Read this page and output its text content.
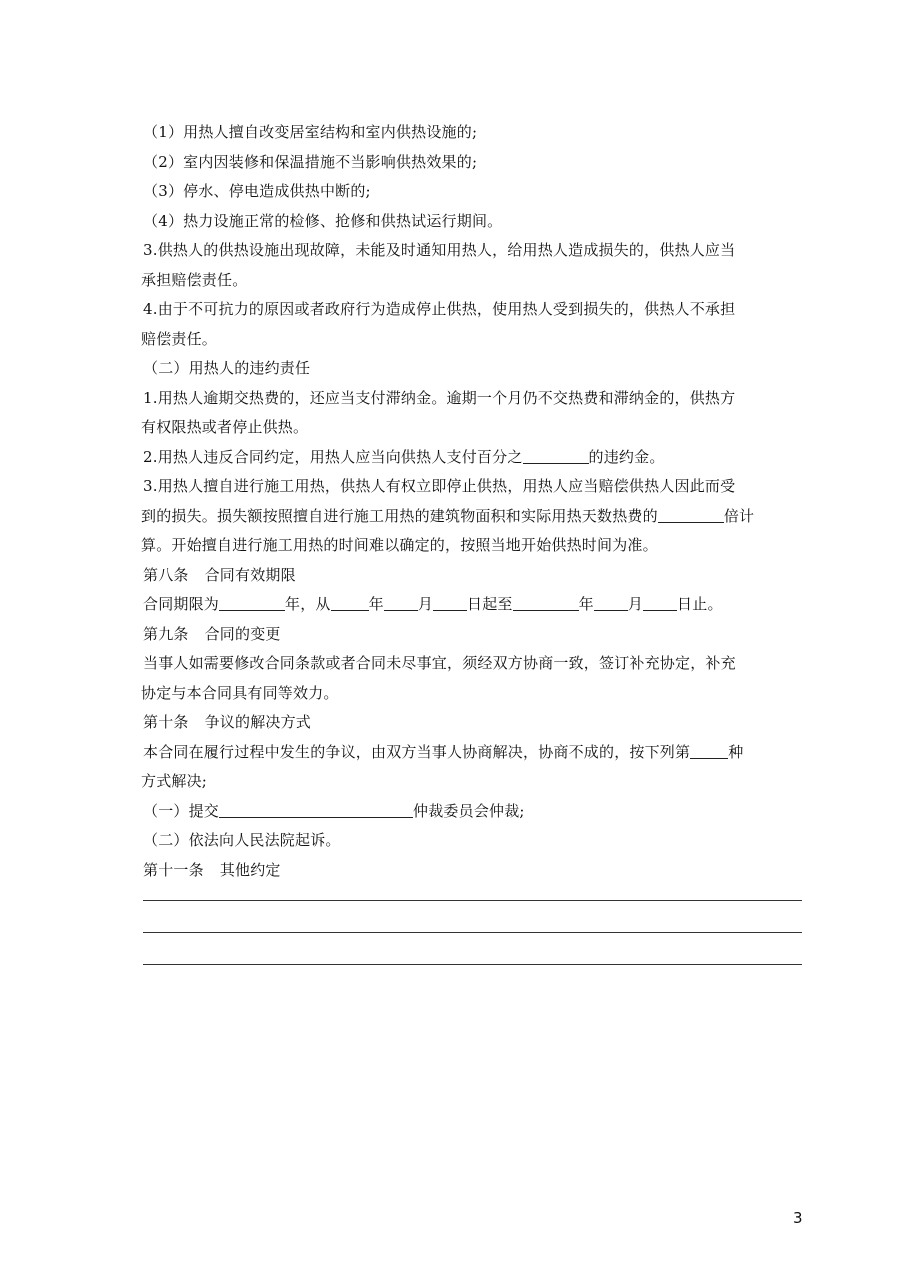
（1）用热人擅自改变居室结构和室内供热设施的;
（2）室内因装修和保温措施不当影响供热效果的;
（3）停水、停电造成供热中断的;
（4）热力设施正常的检修、抢修和供热试运行期间。
3.供热人的供热设施出现故障，未能及时通知用热人，给用热人造成损失的，供热人应当
承担赔偿责任。
4.由于不可抗力的原因或者政府行为造成停止供热，使用热人受到损失的，供热人不承担
赔偿责任。
（二）用热人的违约责任
1.用热人逾期交热费的，还应当支付滞纳金。逾期一个月仍不交热费和滞纳金的，供热方
有权限热或者停止供热。
2.用热人违反合同约定，用热人应当向供热人支付百分之	的违约金。
3.用热人擅自进行施工用热，供热人有权立即停止供热，用热人应当赔偿供热人因此而受
到的损失。损失额按照擅自进行施工用热的建筑物面积和实际用热天数热费的	倍计
算。开始擅自进行施工用热的时间难以确定的，按照当地开始供热时间为准。
第八条 合同有效期限
合同期限为	年，从	年 月 日起至	年 月 日止。
第九条 合同的变更
当事人如需要修改合同条款或者合同未尽事宜，须经双方协商一致，签订补充协定，补充
协定与本合同具有同等效力。
第十条 争议的解决方式
本合同在履行过程中发生的争议，由双方当事人协商解决，协商不成的，按下列第	种
方式解决;
（一）提交	仲裁委员会仲裁;
（二）依法向人民法院起诉。
第十一条 其他约定
3
